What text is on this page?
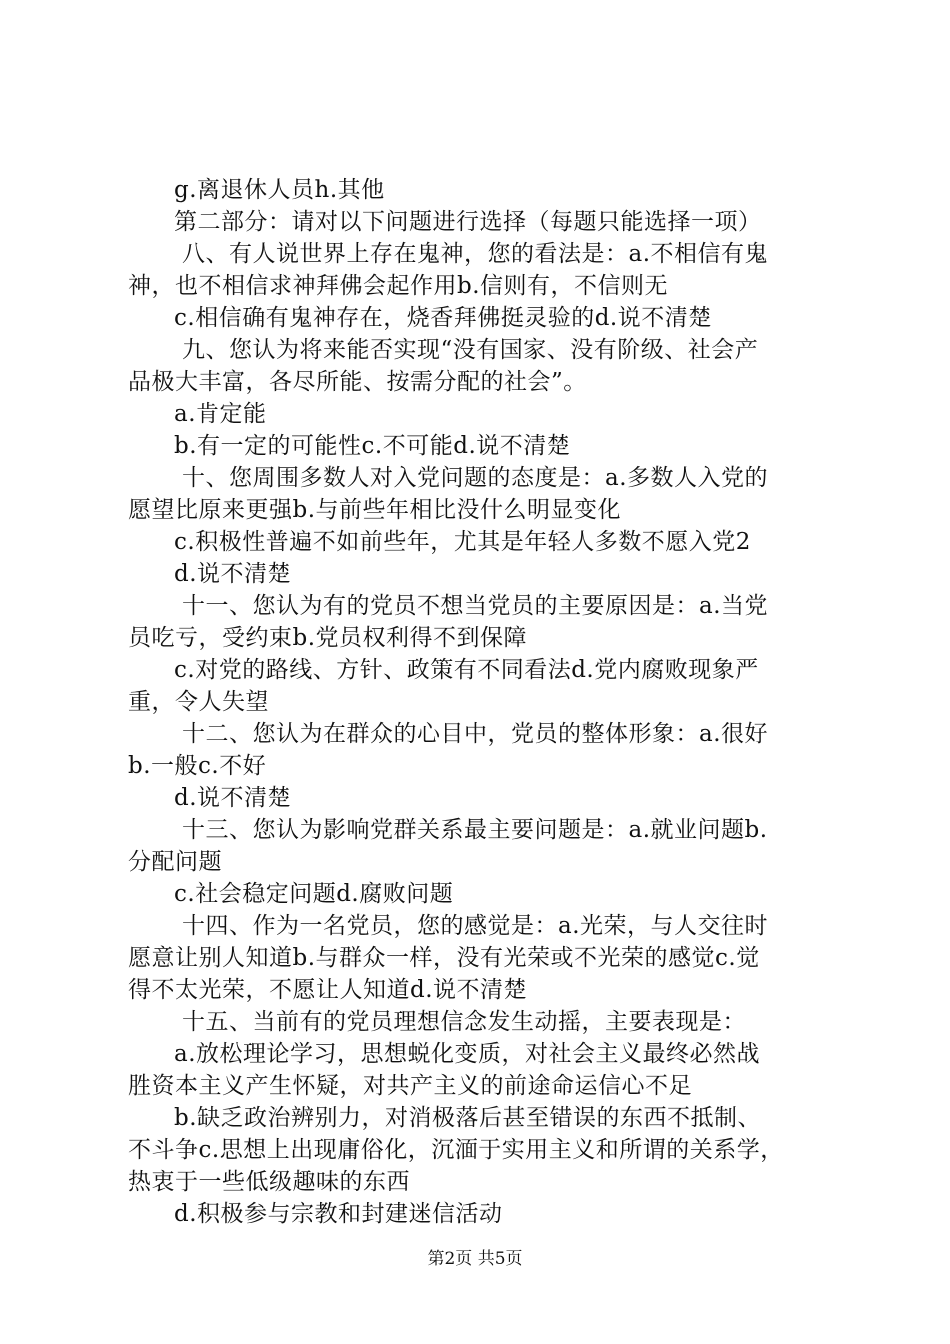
g.离退休人员h.其他
第二部分：请对以下问题进行选择（每题只能选择一项）
八、有人说世界上存在鬼神，您的看法是：a.不相信有鬼
神，也不相信求神拜佛会起作用b.信则有，不信则无
c.相信确有鬼神存在，烧香拜佛挺灵验的d.说不清楚
九、您认为将来能否实现“没有国家、没有阶级、社会产
品极大丰富，各尽所能、按需分配的社会”。
a.肯定能
b.有一定的可能性c.不可能d.说不清楚
十、您周围多数人对入党问题的态度是：a.多数人入党的
愿望比原来更强b.与前些年相比没什么明显变化
c.积极性普遍不如前些年，尤其是年轻人多数不愿入党2
d.说不清楚
十一、您认为有的党员不想当党员的主要原因是：a.当党
员吃亏，受约束b.党员权利得不到保障
c.对党的路线、方针、政策有不同看法d.党内腐败现象严
重，令人失望
十二、您认为在群众的心目中，党员的整体形象：a.很好
b.一般c.不好
d.说不清楚
十三、您认为影响党群关系最主要问题是：a.就业问题b.
分配问题
c.社会稳定问题d.腐败问题
十四、作为一名党员，您的感觉是：a.光荣，与人交往时
愿意让别人知道b.与群众一样，没有光荣或不光荣的感觉c.觉
得不太光荣，不愿让人知道d.说不清楚
十五、当前有的党员理想信念发生动摇，主要表现是：
a.放松理论学习，思想蜕化变质，对社会主义最终必然战
胜资本主义产生怀疑，对共产主义的前途命运信心不足
b.缺乏政治辨别力，对消极落后甚至错误的东西不抵制、
不斗争c.思想上出现庸俗化，沉湎于实用主义和所谓的关系学，
热衷于一些低级趣味的东西
d.积极参与宗教和封建迷信活动
第2页 共5页
